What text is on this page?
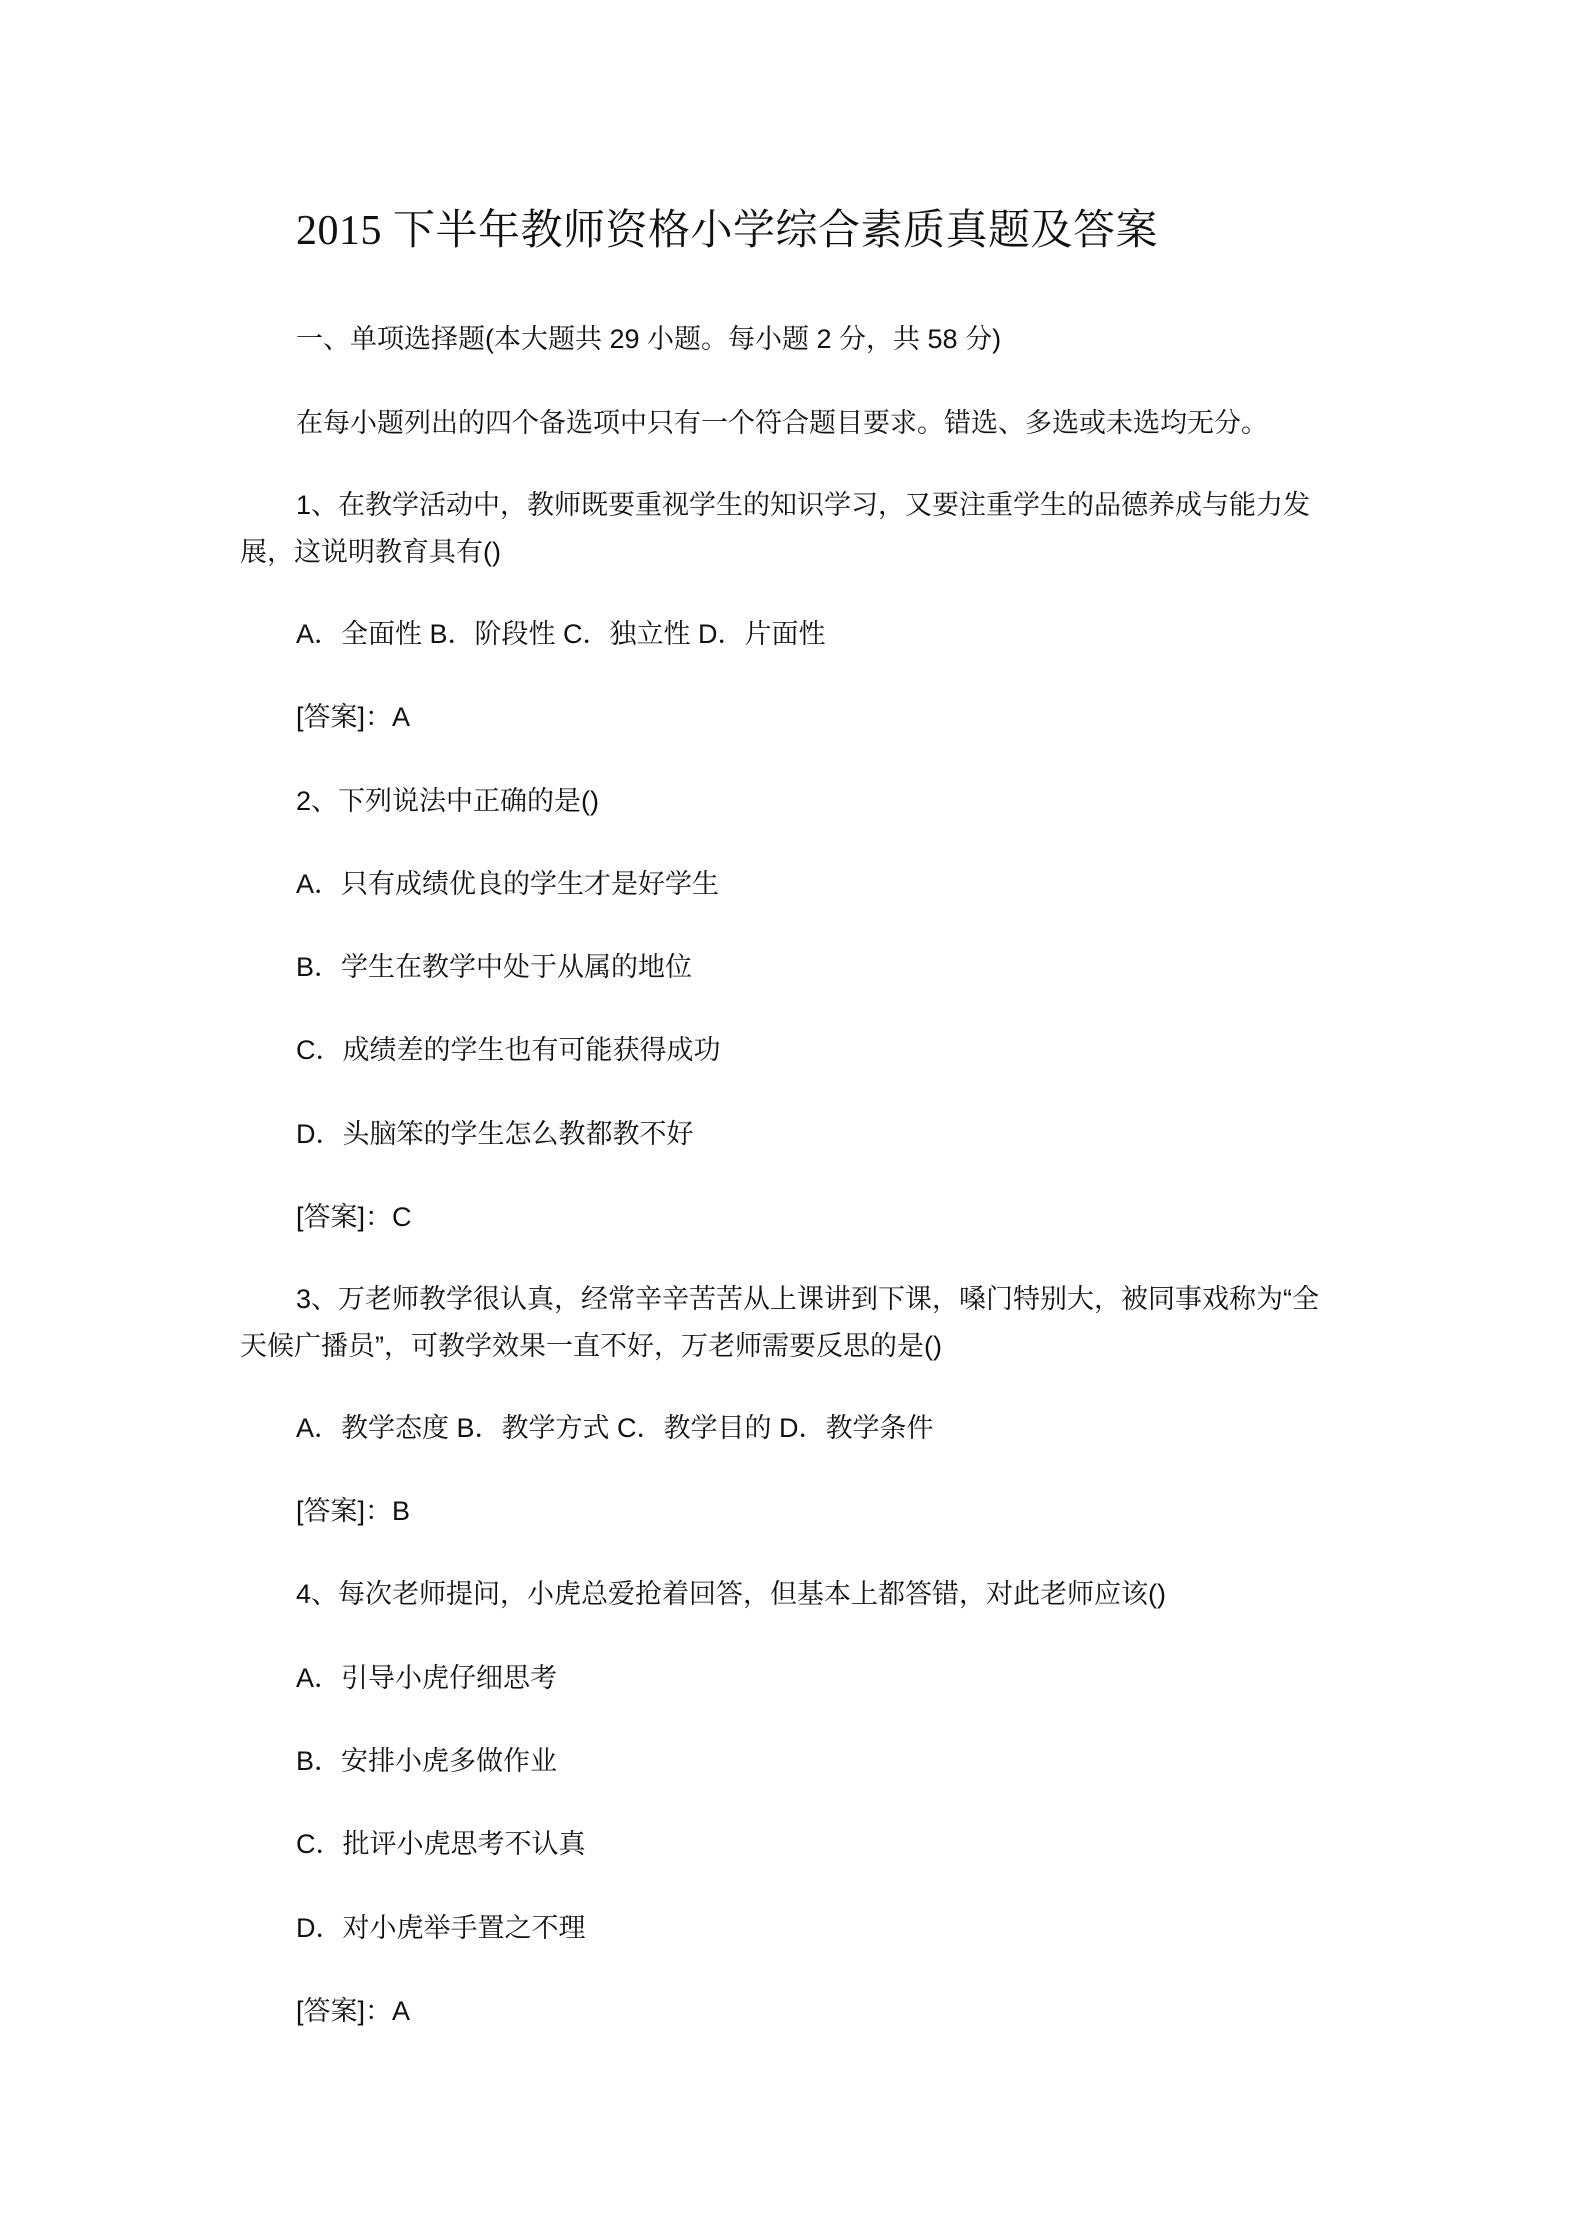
2015 下半年教师资格小学综合素质真题及答案

一、单项选择题(本大题共 29 小题。每小题 2 分，共 58 分)

在每小题列出的四个备选项中只有一个符合题目要求。错选、多选或未选均无分。

1、在教学活动中，教师既要重视学生的知识学习，又要注重学生的品德养成与能力发
展，这说明教育具有()

A．全面性 B．阶段性 C．独立性 D．片面性

[答案]：A

2、下列说法中正确的是()

A．只有成绩优良的学生才是好学生

B．学生在教学中处于从属的地位

C．成绩差的学生也有可能获得成功

D．头脑笨的学生怎么教都教不好

[答案]：C

3、万老师教学很认真，经常辛辛苦苦从上课讲到下课，嗓门特别大，被同事戏称为“全
天候广播员”，可教学效果一直不好，万老师需要反思的是()

A．教学态度 B．教学方式 C．教学目的 D．教学条件

[答案]：B

4、每次老师提问，小虎总爱抢着回答，但基本上都答错，对此老师应该()

A．引导小虎仔细思考

B．安排小虎多做作业

C．批评小虎思考不认真

D．对小虎举手置之不理

[答案]：A
